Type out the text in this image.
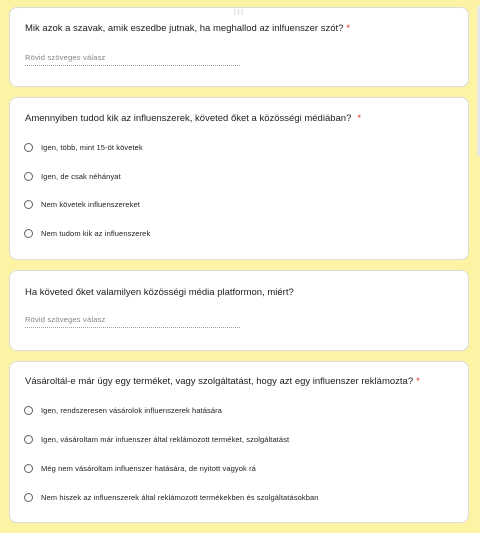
⁝⁝⁝
Mik azok a szavak, amik eszedbe jutnak, ha meghallod az inlfuenszer szót? *
Rövid szöveges válasz
Amennyiben tudod kik az influenszerek, követed őket a közösségi médiában? *
Igen, több, mint 15-öt követek
Igen, de csak néhányat
Nem követek influenszereket
Nem tudom kik az influenszerek
Ha követed őket valamilyen közösségi média platformon, miért?
Rövid szöveges válasz
Vásároltál-e már úgy egy terméket, vagy szolgáltatást, hogy azt egy influenszer reklámozta? *
Igen, rendszeresen vásárolok influenszerek hatására
Igen, vásároltam már infuenszer által reklámozott terméket, szolgáltatást
Még nem vásároltam influenszer hatására, de nyitott vagyok rá
Nem hiszek az influenszerek által reklámozott termékekben és szolgáltatásokban
